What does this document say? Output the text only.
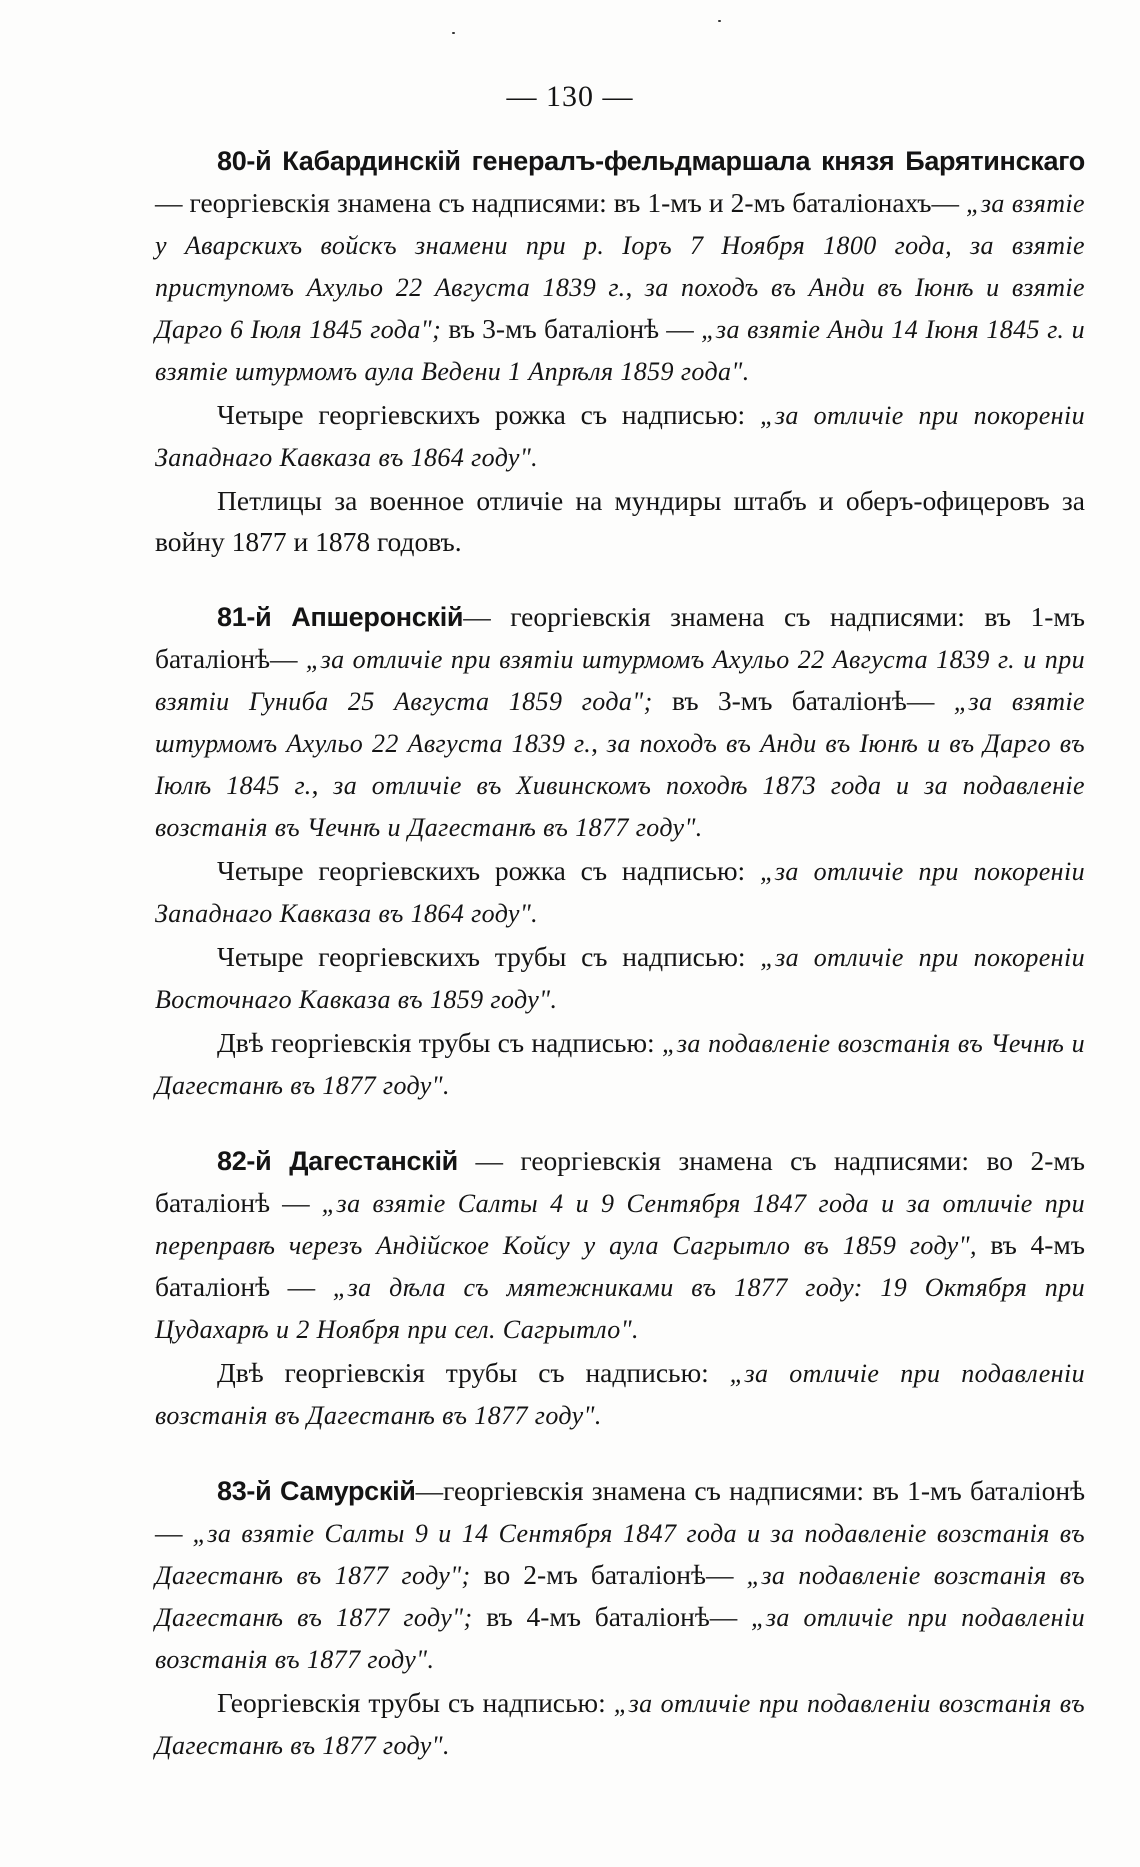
— 130 —

80-й Кабардинскій генералъ-фельдмаршала князя Барятинскаго— георгіевскія знамена съ надписями: въ 1-мъ и 2-мъ баталіонахъ— „за взятіе у Аварскихъ войскъ знамени при р. Іоръ 7 Ноября 1800 года, за взятіе приступомъ Ахульо 22 Августа 1839 г., за походъ въ Анди въ Іюнѣ и взятіе Дарго 6 Іюля 1845 года"; въ 3-мъ баталіонѣ — „за взятіе Анди 14 Іюня 1845 г. и взятіе штурмомъ аула Ведени 1 Апрѣля 1859 года".

Четыре георгіевскихъ рожка съ надписью: „за отличіе при покореніи Западнаго Кавказа въ 1864 году".

Петлицы за военное отличіе на мундиры штабъ и оберъ-офицеровъ за войну 1877 и 1878 годовъ.

81-й Апшеронскій— георгіевскія знамена съ надписями: въ 1-мъ баталіонѣ— „за отличіе при взятіи штурмомъ Ахульо 22 Августа 1839 г. и при взятіи Гуниба 25 Августа 1859 года"; въ 3-мъ баталіонѣ— „за взятіе штурмомъ Ахульо 22 Августа 1839 г., за походъ въ Анди въ Іюнѣ и въ Дарго въ Іюлѣ 1845 г., за отличіе въ Хивинскомъ походѣ 1873 года и за подавленіе возстанія въ Чечнѣ и Дагестанѣ въ 1877 году".

Четыре георгіевскихъ рожка съ надписью: „за отличіе при покореніи Западнаго Кавказа въ 1864 году".

Четыре георгіевскихъ трубы съ надписью: „за отличіе при покореніи Восточнаго Кавказа въ 1859 году".

Двѣ георгіевскія трубы съ надписью: „за подавленіе возстанія въ Чечнѣ и Дагестанѣ въ 1877 году".

82-й Дагестанскій — георгіевскія знамена съ надписями: во 2-мъ баталіонѣ — „за взятіе Салты 4 и 9 Сентября 1847 года и за отличіе при переправѣ черезъ Андійское Койсу у аула Сагрытло въ 1859 году", въ 4-мъ баталіонѣ — „за дѣла съ мятежниками въ 1877 году: 19 Октября при Цудахарѣ и 2 Ноября при сел. Сагрытло".

Двѣ георгіевскія трубы съ надписью: „за отличіе при подавленіи возстанія въ Дагестанѣ въ 1877 году".

83-й Самурскій—георгіевскія знамена съ надписями: въ 1-мъ баталіонѣ— „за взятіе Салты 9 и 14 Сентября 1847 года и за подавленіе возстанія въ Дагестанѣ въ 1877 году"; во 2-мъ баталіонѣ— „за подавленіе возстанія въ Дагестанѣ въ 1877 году"; въ 4-мъ баталіонѣ— „за отличіе при подавленіи возстанія въ 1877 году".

Георгіевскія трубы съ надписью: „за отличіе при подавленіи возстанія въ Дагестанѣ въ 1877 году".
